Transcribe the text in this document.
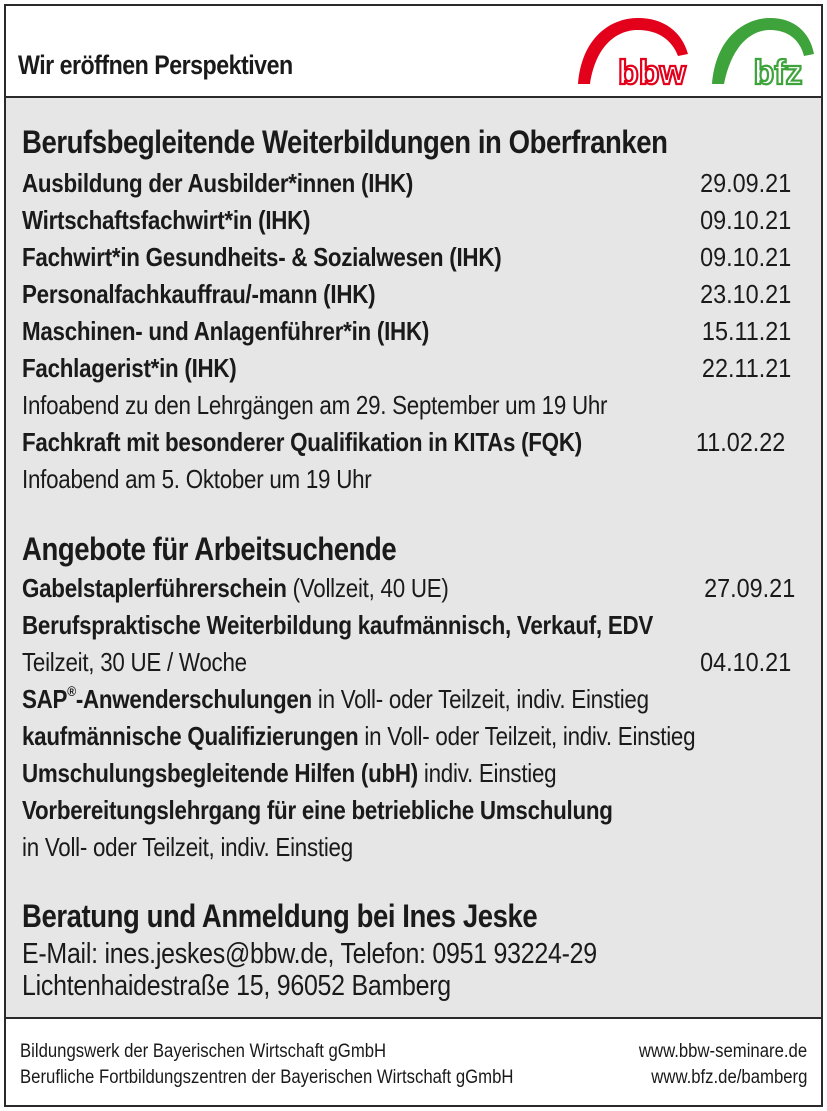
Wir eröffnen Perspektiven	bbw bfz
Berufsbegleitende Weiterbildungen in Oberfranken
Ausbildung der Ausbilder*innen (IHK)	29.09.21
Wirtschaftsfachwirt*in (IHK)	09.10.21
Fachwirt*in Gesundheits- & Sozialwesen (IHK)	09.10.21
Personalfachkauffrau/-mann (IHK)	23.10.21
Maschinen- und Anlagenführer*in (IHK)	15.11.21
Fachlagerist*in (IHK)	22.11.21
Infoabend zu den Lehrgängen am 29. September um 19 Uhr
Fachkraft mit besonderer Qualifikation in KITAs (FQK)	11.02.22
Infoabend am 5. Oktober um 19 Uhr
Angebote für Arbeitsuchende
Gabelstaplerführerschein (Vollzeit, 40 UE)	27.09.21
Berufspraktische Weiterbildung kaufmännisch, Verkauf, EDV
Teilzeit, 30 UE / Woche	04.10.21
SAP®-Anwenderschulungen in Voll- oder Teilzeit, indiv. Einstieg
kaufmännische Qualifizierungen in Voll- oder Teilzeit, indiv. Einstieg
Umschulungsbegleitende Hilfen (ubH) indiv. Einstieg
Vorbereitungslehrgang für eine betriebliche Umschulung
in Voll- oder Teilzeit, indiv. Einstieg
Beratung und Anmeldung bei Ines Jeske
E-Mail: ines.jeskes@bbw.de, Telefon: 0951 93224-29
Lichtenhaidestraße 15, 96052 Bamberg
Bildungswerk der Bayerischen Wirtschaft gGmbH	www.bbw-seminare.de
Berufliche Fortbildungszentren der Bayerischen Wirtschaft gGmbH	www.bfz.de/bamberg
